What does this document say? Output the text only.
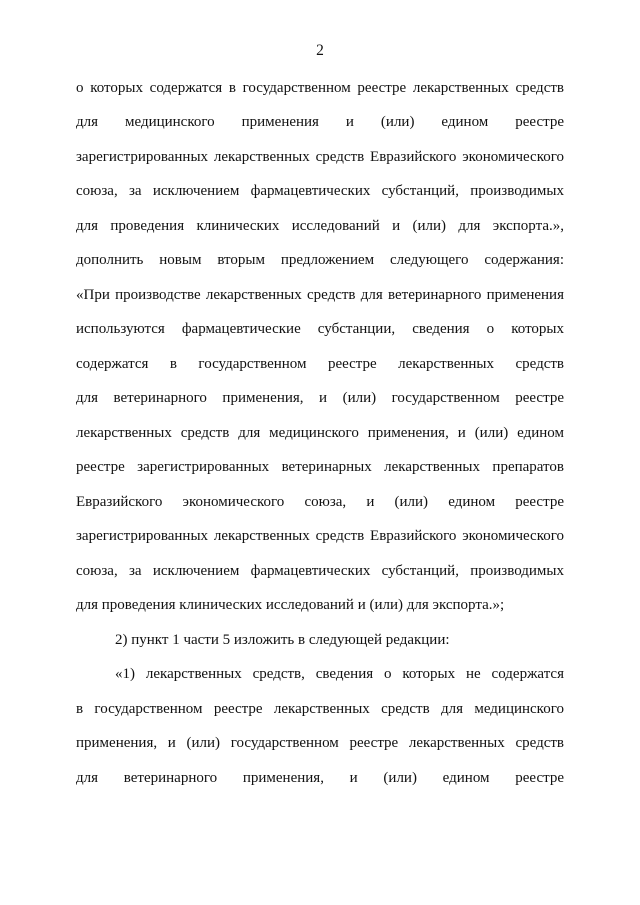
2
о которых содержатся в государственном реестре лекарственных средств
для медицинского применения и (или) едином реестре
зарегистрированных лекарственных средств Евразийского экономического
союза, за исключением фармацевтических субстанций, производимых
для проведения клинических исследований и (или) для экспорта.»,
дополнить новым вторым предложением следующего содержания:
«При производстве лекарственных средств для ветеринарного применения
используются фармацевтические субстанции, сведения о которых
содержатся в государственном реестре лекарственных средств
для ветеринарного применения, и (или) государственном реестре
лекарственных средств для медицинского применения, и (или) едином
реестре зарегистрированных ветеринарных лекарственных препаратов
Евразийского экономического союза, и (или) едином реестре
зарегистрированных лекарственных средств Евразийского экономического
союза, за исключением фармацевтических субстанций, производимых
для проведения клинических исследований и (или) для экспорта.»;
2) пункт 1 части 5 изложить в следующей редакции:
«1) лекарственных средств, сведения о которых не содержатся
в государственном реестре лекарственных средств для медицинского
применения, и (или) государственном реестре лекарственных средств
для ветеринарного применения, и (или) едином реестре
